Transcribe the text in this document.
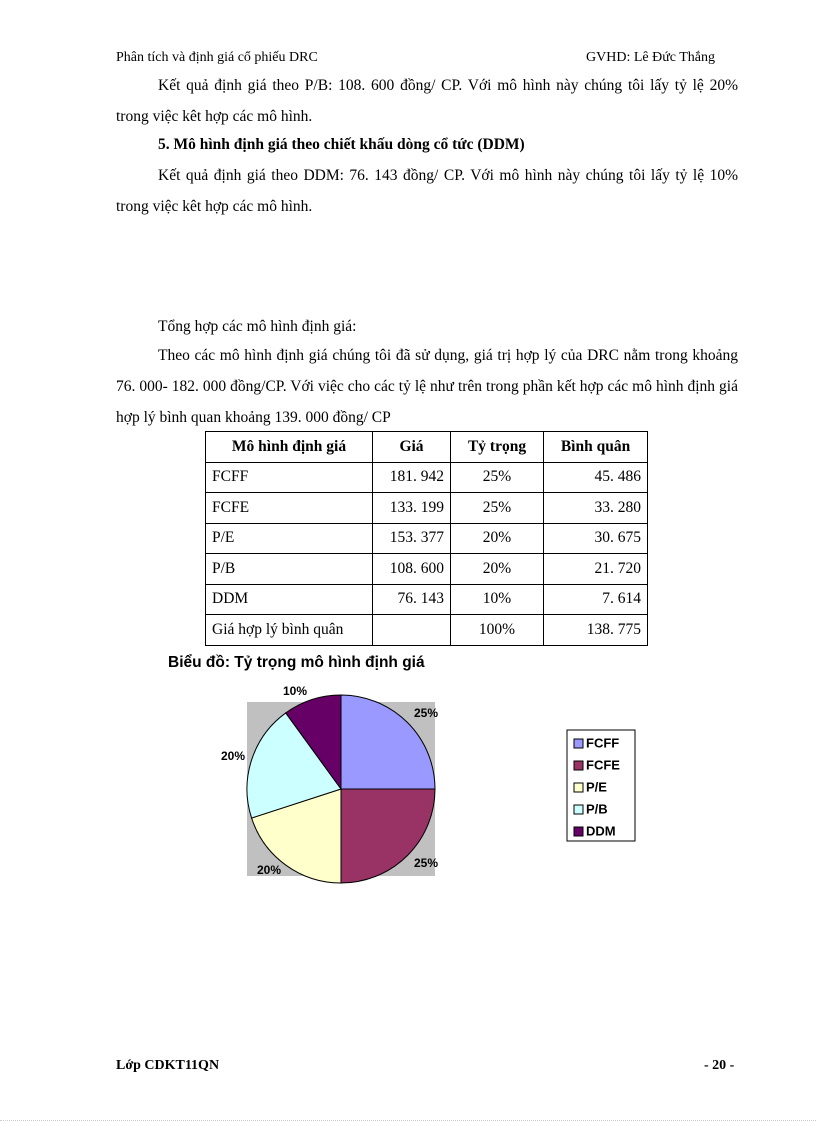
Phân tích và định giá cổ phiếu DRC	GVHD: Lê Đức Thắng
Kết quả định giá theo P/B: 108. 600 đồng/ CP. Với mô hình này chúng tôi lấy tỷ lệ 20% trong việc kêt hợp các mô hình.
5. Mô hình định giá theo chiết khấu dòng cổ tức (DDM)
Kết quả định giá theo DDM: 76. 143 đồng/ CP. Với mô hình này chúng tôi lấy tỷ lệ 10% trong việc kêt hợp các mô hình.
Tổng hợp các mô hình định giá:
Theo các mô hình định giá chúng tôi đã sử dụng, giá trị hợp lý của DRC nằm trong khoảng 76. 000- 182. 000 đồng/CP. Với việc cho các tỷ lệ như trên trong phần kết hợp các mô hình định giá hợp lý bình quan khoảng 139. 000 đồng/ CP
Mô hình định giá	Giá	Tỷ trọng	Bình quân
FCFF	181. 942	25%	45. 486
FCFE	133. 199	25%	33. 280
P/E	153. 377	20%	30. 675
P/B	108. 600	20%	21. 720
DDM	76. 143	10%	7. 614
Giá hợp lý bình quân		100%	138. 775
Biểu đồ: Tỷ trọng mô hình định giá
25%
25%
20%
20%
10%
FCFF
FCFE
P/E
P/B
DDM
Lớp CDKT11QN	- 20 -
